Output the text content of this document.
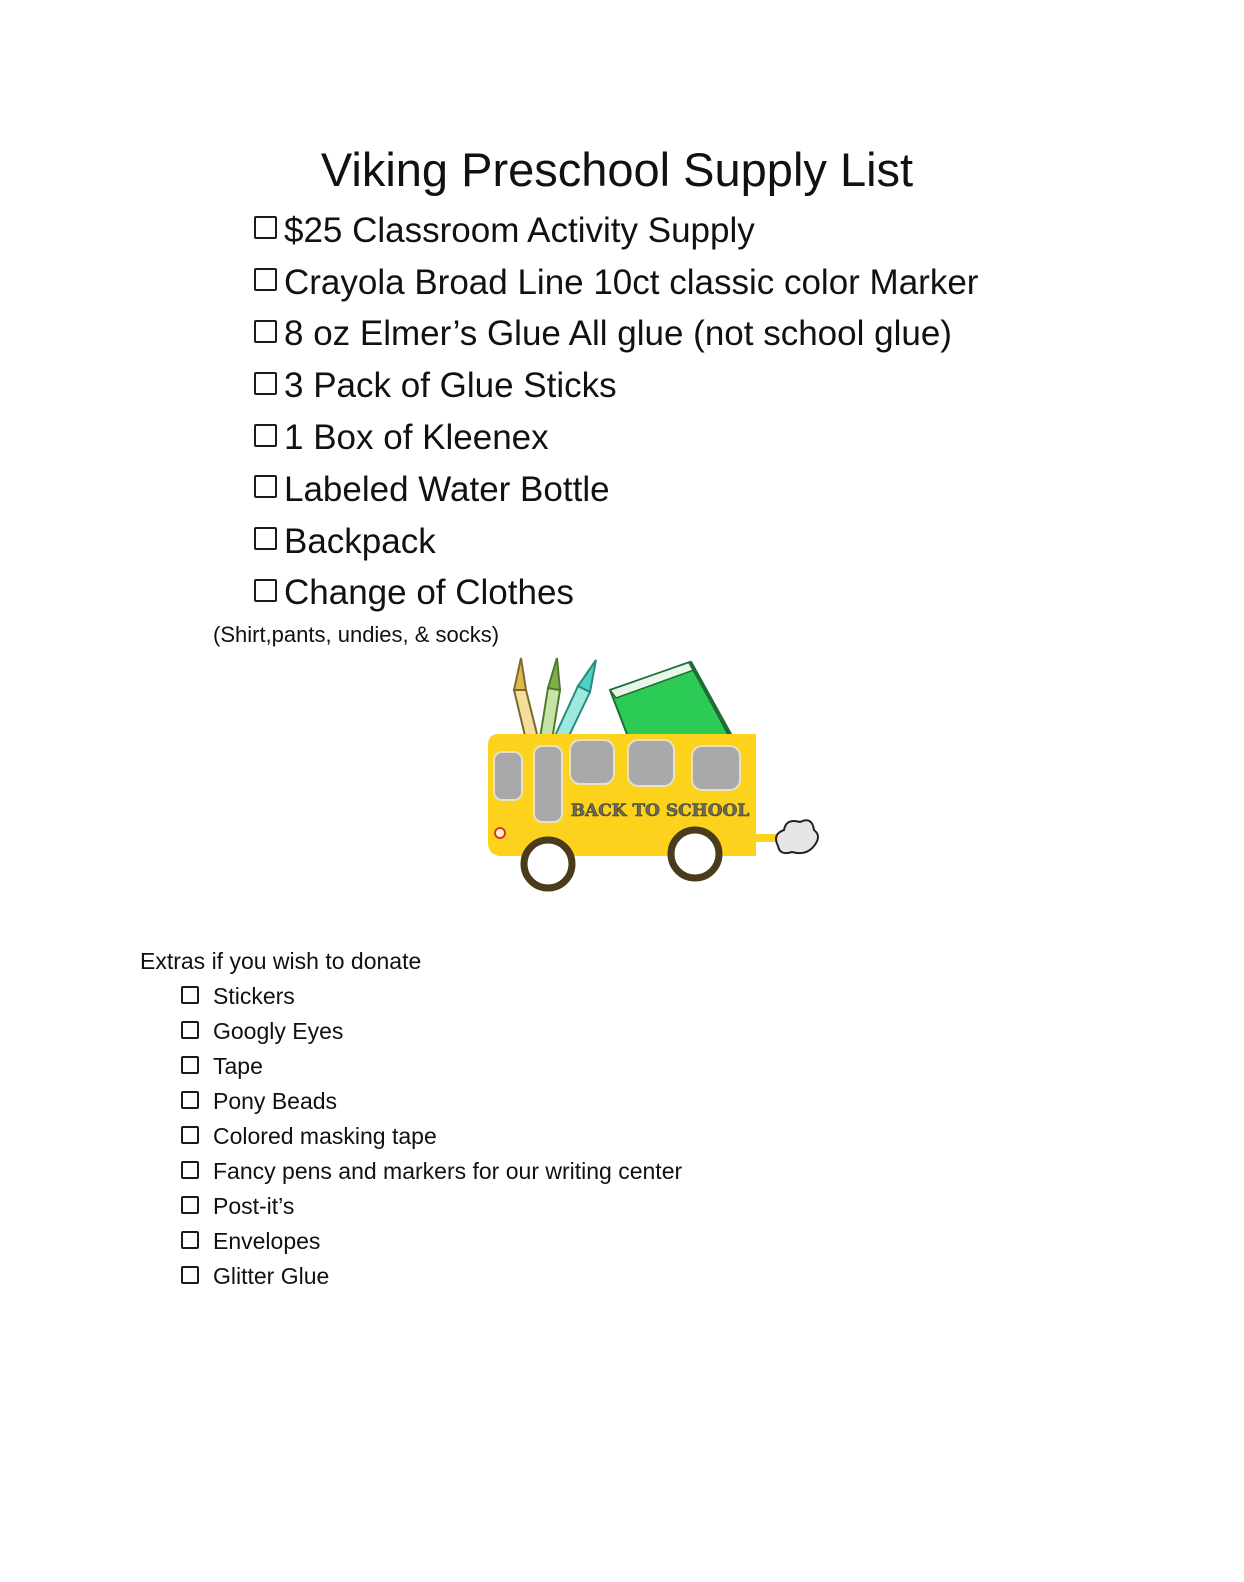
Viking Preschool Supply List
$25 Classroom Activity Supply
Crayola Broad Line 10ct classic color Marker
8 oz Elmer’s Glue All glue (not school glue)
3 Pack of Glue Sticks
1 Box of Kleenex
Labeled Water Bottle
Backpack
Change of Clothes
(Shirt,pants, undies, & socks)
BACK TO SCHOOL
Extras if you wish to donate
Stickers
Googly Eyes
Tape
Pony Beads
Colored masking tape
Fancy pens and markers for our writing center
Post-it’s
Envelopes
Glitter Glue
